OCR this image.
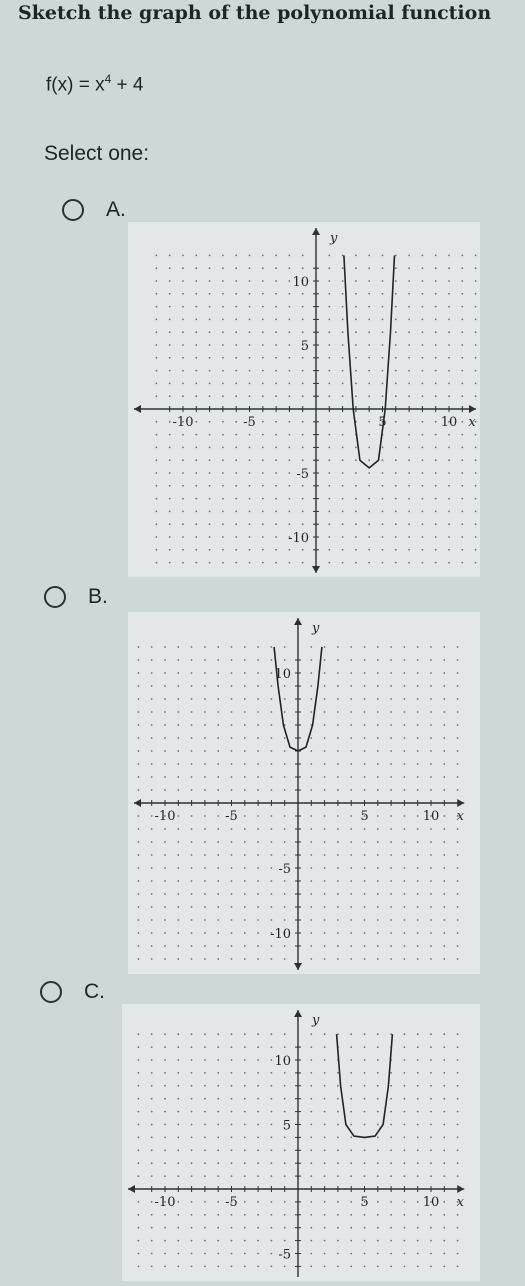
Sketch the graph of the polynomial function
$f(x) = x^4 + 4$
Select one:
A.
-10	-5	5	10
10
5
-5
-10
x
y
B.
-10	-5	5	10
10
-5
-10
x
y
C.
-10	5	10
-5
10
5
-5
x
y
